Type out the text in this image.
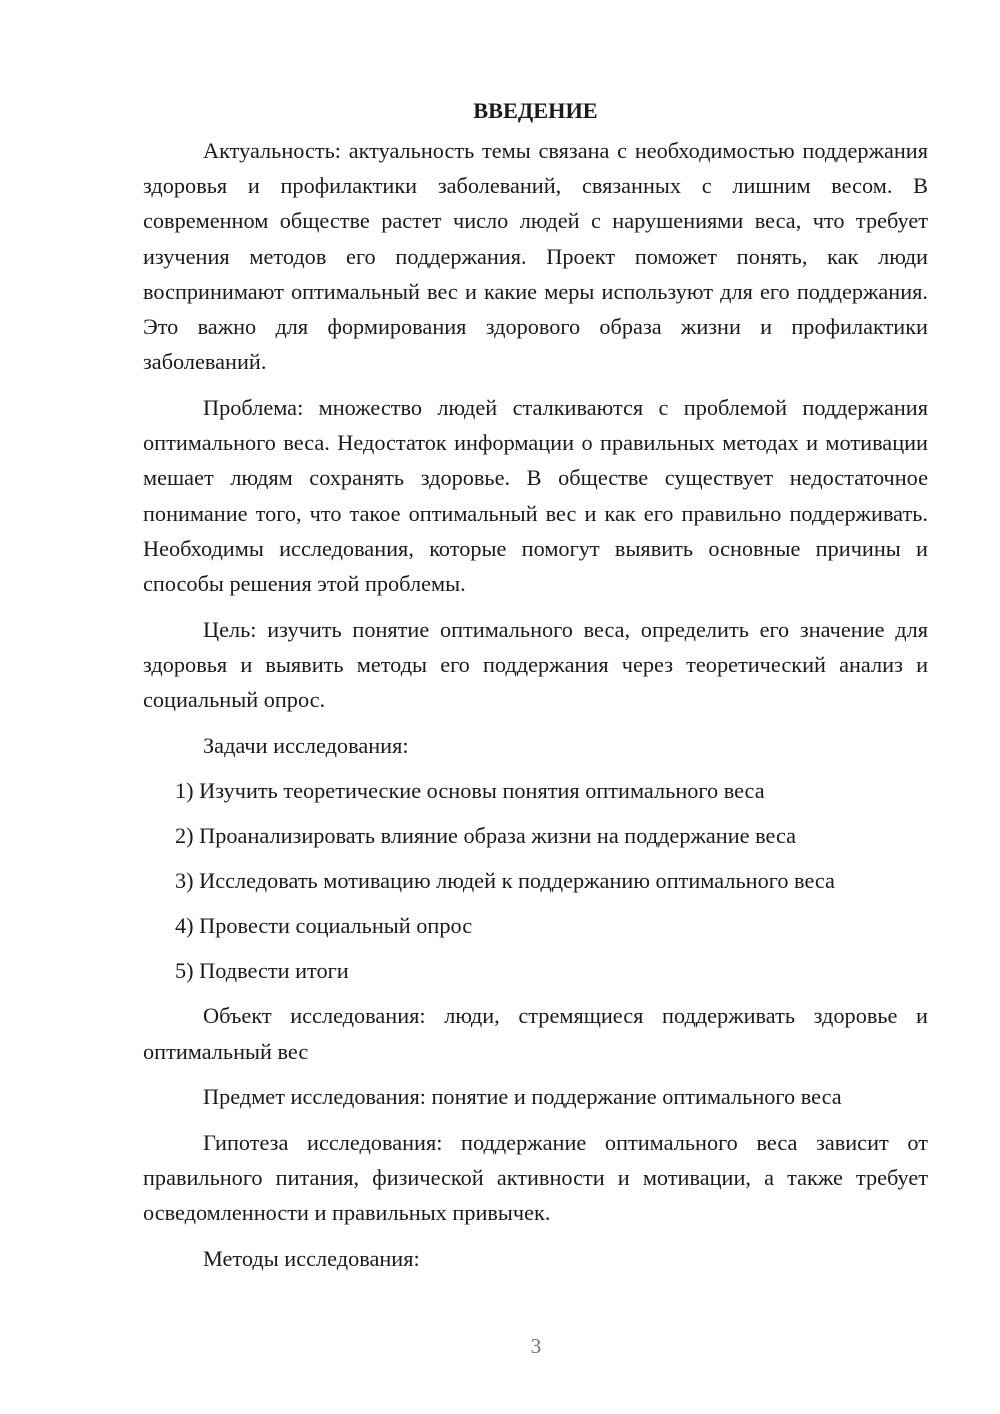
ВВЕДЕНИЕ

Актуальность: актуальность темы связана с необходимостью поддержания здоровья и профилактики заболеваний, связанных с лишним весом. В современном обществе растет число людей с нарушениями веса, что требует изучения методов его поддержания. Проект поможет понять, как люди воспринимают оптимальный вес и какие меры используют для его поддержания. Это важно для формирования здорового образа жизни и профилактики заболеваний.

Проблема: множество людей сталкиваются с проблемой поддержания оптимального веса. Недостаток информации о правильных методах и мотивации мешает людям сохранять здоровье. В обществе существует недостаточное понимание того, что такое оптимальный вес и как его правильно поддерживать. Необходимы исследования, которые помогут выявить основные причины и способы решения этой проблемы.

Цель: изучить понятие оптимального веса, определить его значение для здоровья и выявить методы его поддержания через теоретический анализ и социальный опрос.

Задачи исследования:

1) Изучить теоретические основы понятия оптимального веса

2) Проанализировать влияние образа жизни на поддержание веса

3) Исследовать мотивацию людей к поддержанию оптимального веса

4) Провести социальный опрос

5) Подвести итоги

Объект исследования: люди, стремящиеся поддерживать здоровье и оптимальный вес

Предмет исследования: понятие и поддержание оптимального веса

Гипотеза исследования: поддержание оптимального веса зависит от правильного питания, физической активности и мотивации, а также требует осведомленности и правильных привычек.

Методы исследования:

3
